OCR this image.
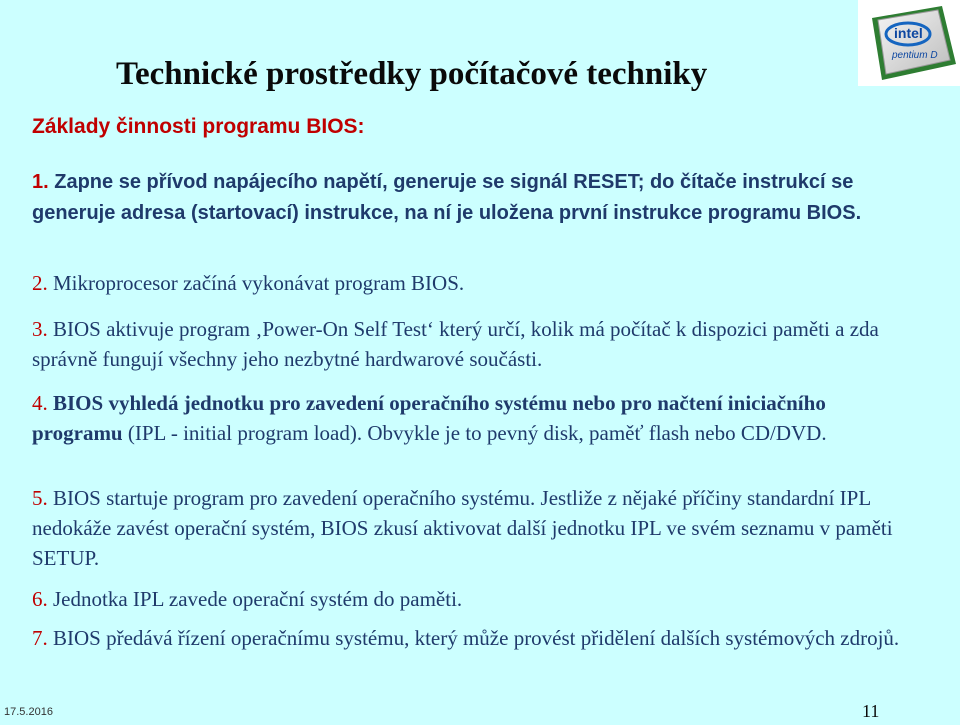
Technické prostředky počítačové techniky
Základy činnosti programu BIOS:
intel
pentium D
1. Zapne se přívod napájecího napětí, generuje se signál RESET; do čítače instrukcí se generuje adresa (startovací) instrukce, na ní je uložena první instrukce programu BIOS.
2. Mikroprocesor začíná vykonávat program BIOS.
3. BIOS aktivuje program ‚Power-On Self Test‘ který určí, kolik má počítač k dispozici paměti a zda správně fungují všechny jeho nezbytné hardwarové součásti.
4. BIOS vyhledá jednotku pro zavedení operačního systému nebo pro načtení iniciačního programu (IPL - initial program load). Obvykle je to pevný disk, paměť flash nebo CD/DVD.
5. BIOS startuje program pro zavedení operačního systému. Jestliže z nějaké příčiny standardní IPL nedokáže zavést operační systém, BIOS zkusí aktivovat další jednotku IPL ve svém seznamu v paměti SETUP.
6. Jednotka IPL zavede operační systém do paměti.
7. BIOS předává řízení operačnímu systému, který může provést přidělení dalších systémových zdrojů.
17.5.2016	11
